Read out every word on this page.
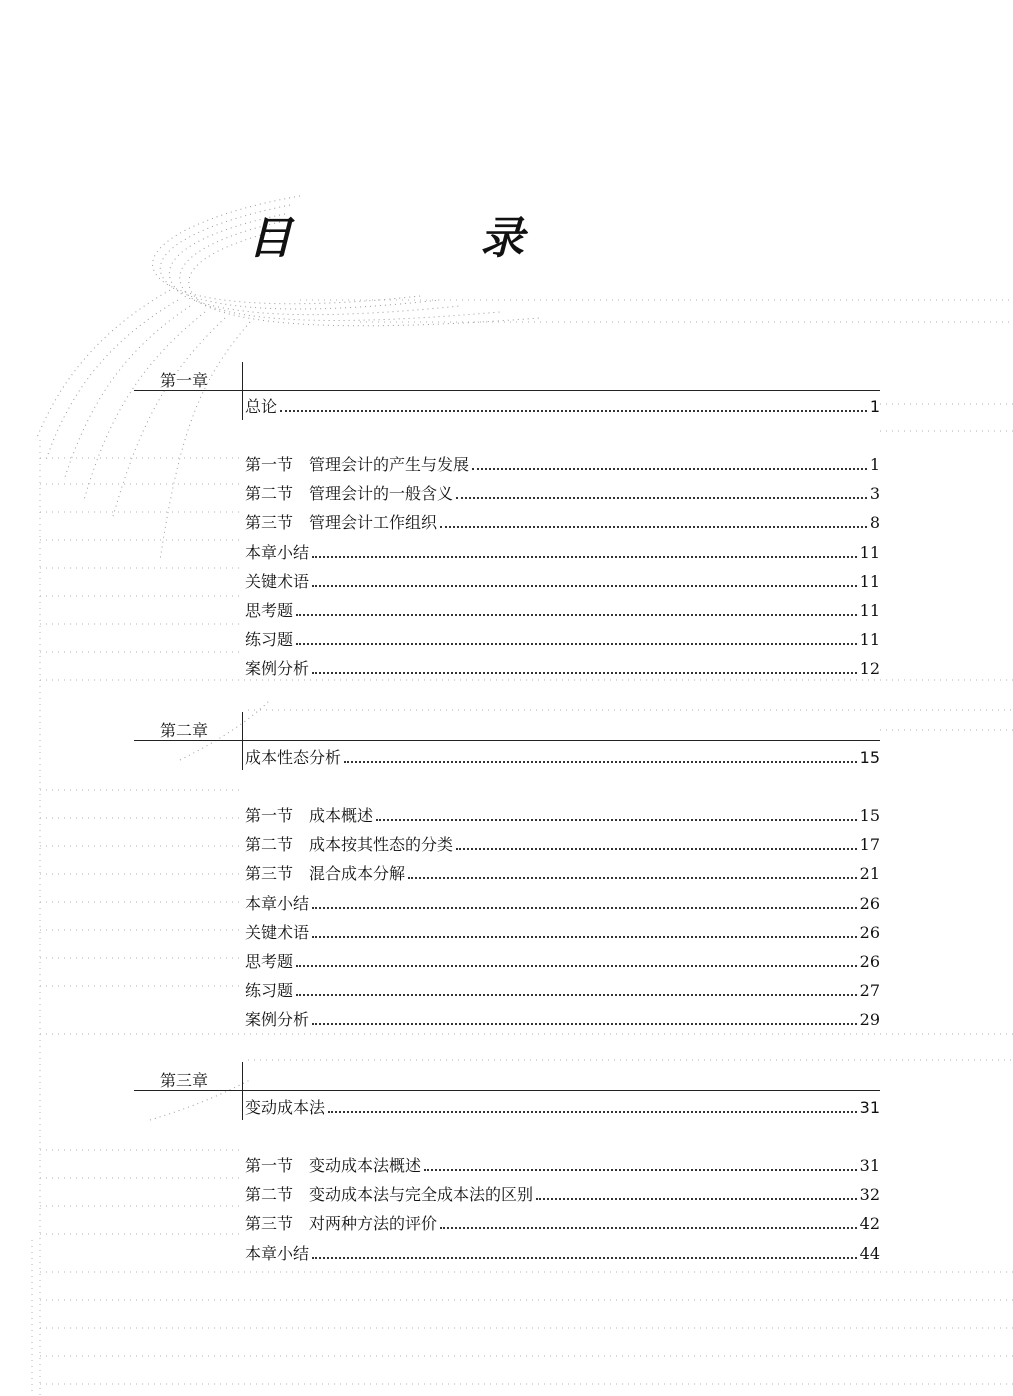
目　录
第一章
总论	1
第一节　管理会计的产生与发展	1
第二节　管理会计的一般含义	3
第三节　管理会计工作组织	8
本章小结	11
关键术语	11
思考题	11
练习题	11
案例分析	12
第二章
成本性态分析	15
第一节　成本概述	15
第二节　成本按其性态的分类	17
第三节　混合成本分解	21
本章小结	26
关键术语	26
思考题	26
练习题	27
案例分析	29
第三章
变动成本法	31
第一节　变动成本法概述	31
第二节　变动成本法与完全成本法的区别	32
第三节　对两种方法的评价	42
本章小结	44
